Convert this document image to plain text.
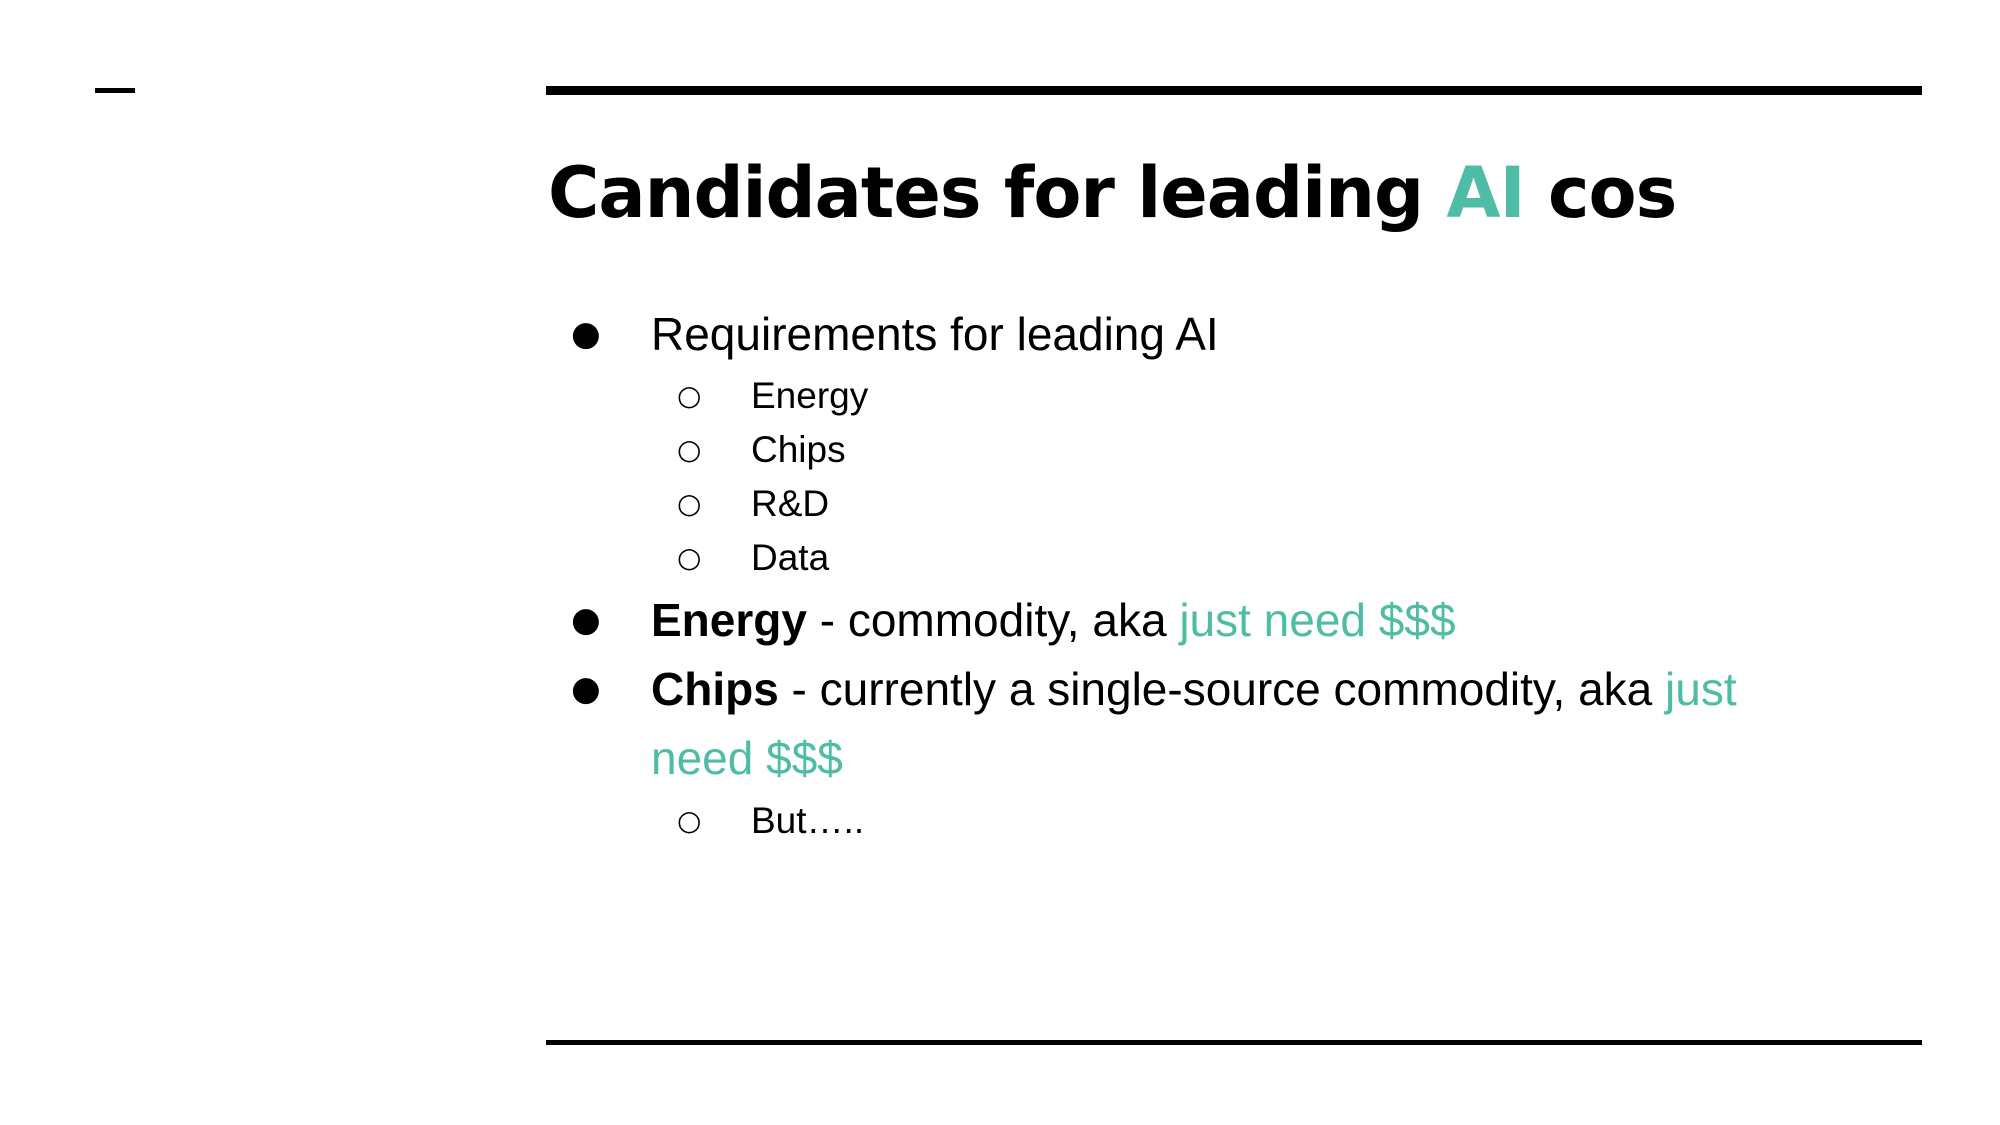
Candidates for leading AI cos
● Requirements for leading AI
○ Energy
○ Chips
○ R&D
○ Data
● Energy - commodity, aka just need $$$
● Chips - currently a single-source commodity, aka just
need $$$
○ But…..
